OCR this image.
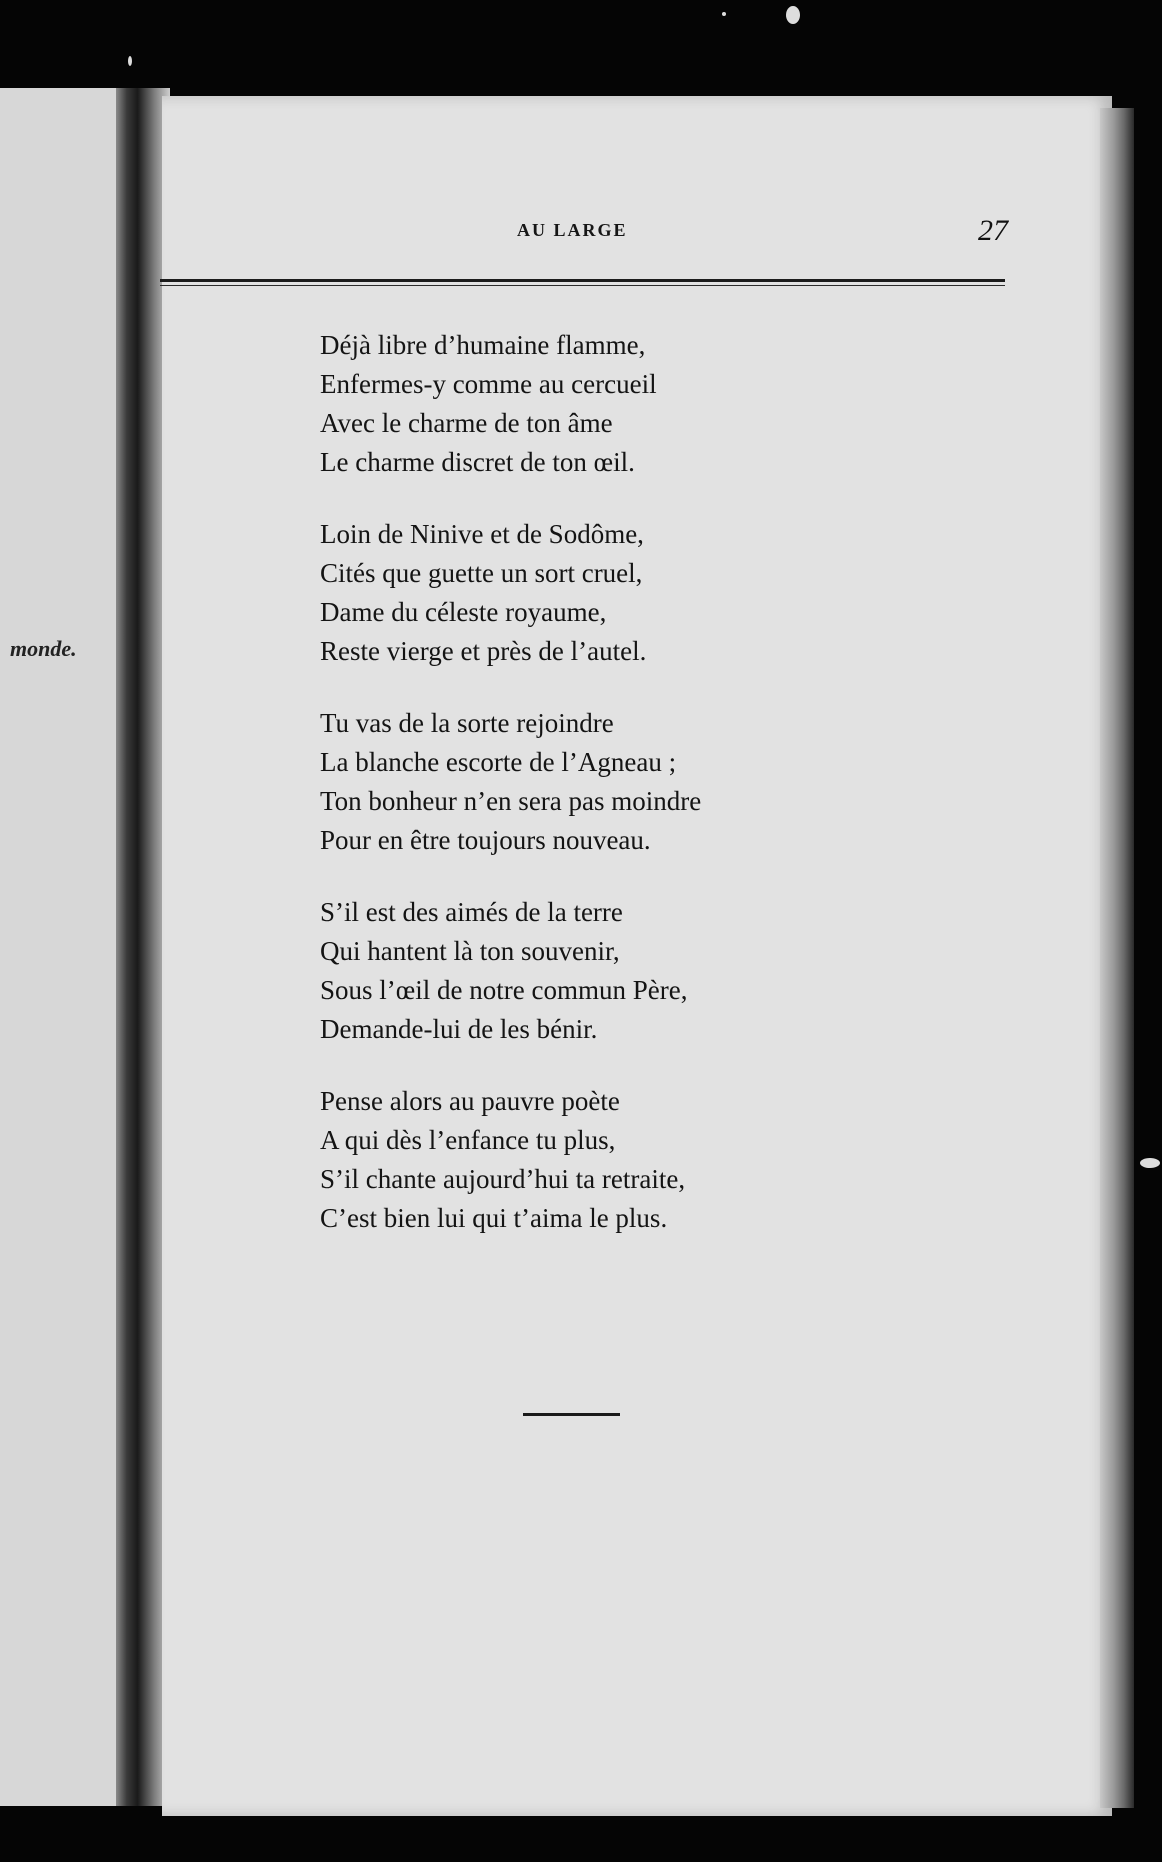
monde.
AU LARGE	27
Déjà libre d’humaine flamme,
Enfermes-y comme au cercueil
Avec le charme de ton âme
Le charme discret de ton œil.
Loin de Ninive et de Sodôme,
Cités que guette un sort cruel,
Dame du céleste royaume,
Reste vierge et près de l’autel.
Tu vas de la sorte rejoindre
La blanche escorte de l’Agneau ;
Ton bonheur n’en sera pas moindre
Pour en être toujours nouveau.
S’il est des aimés de la terre
Qui hantent là ton souvenir,
Sous l’œil de notre commun Père,
Demande-lui de les bénir.
Pense alors au pauvre poète
A qui dès l’enfance tu plus,
S’il chante aujourd’hui ta retraite,
C’est bien lui qui t’aima le plus.
